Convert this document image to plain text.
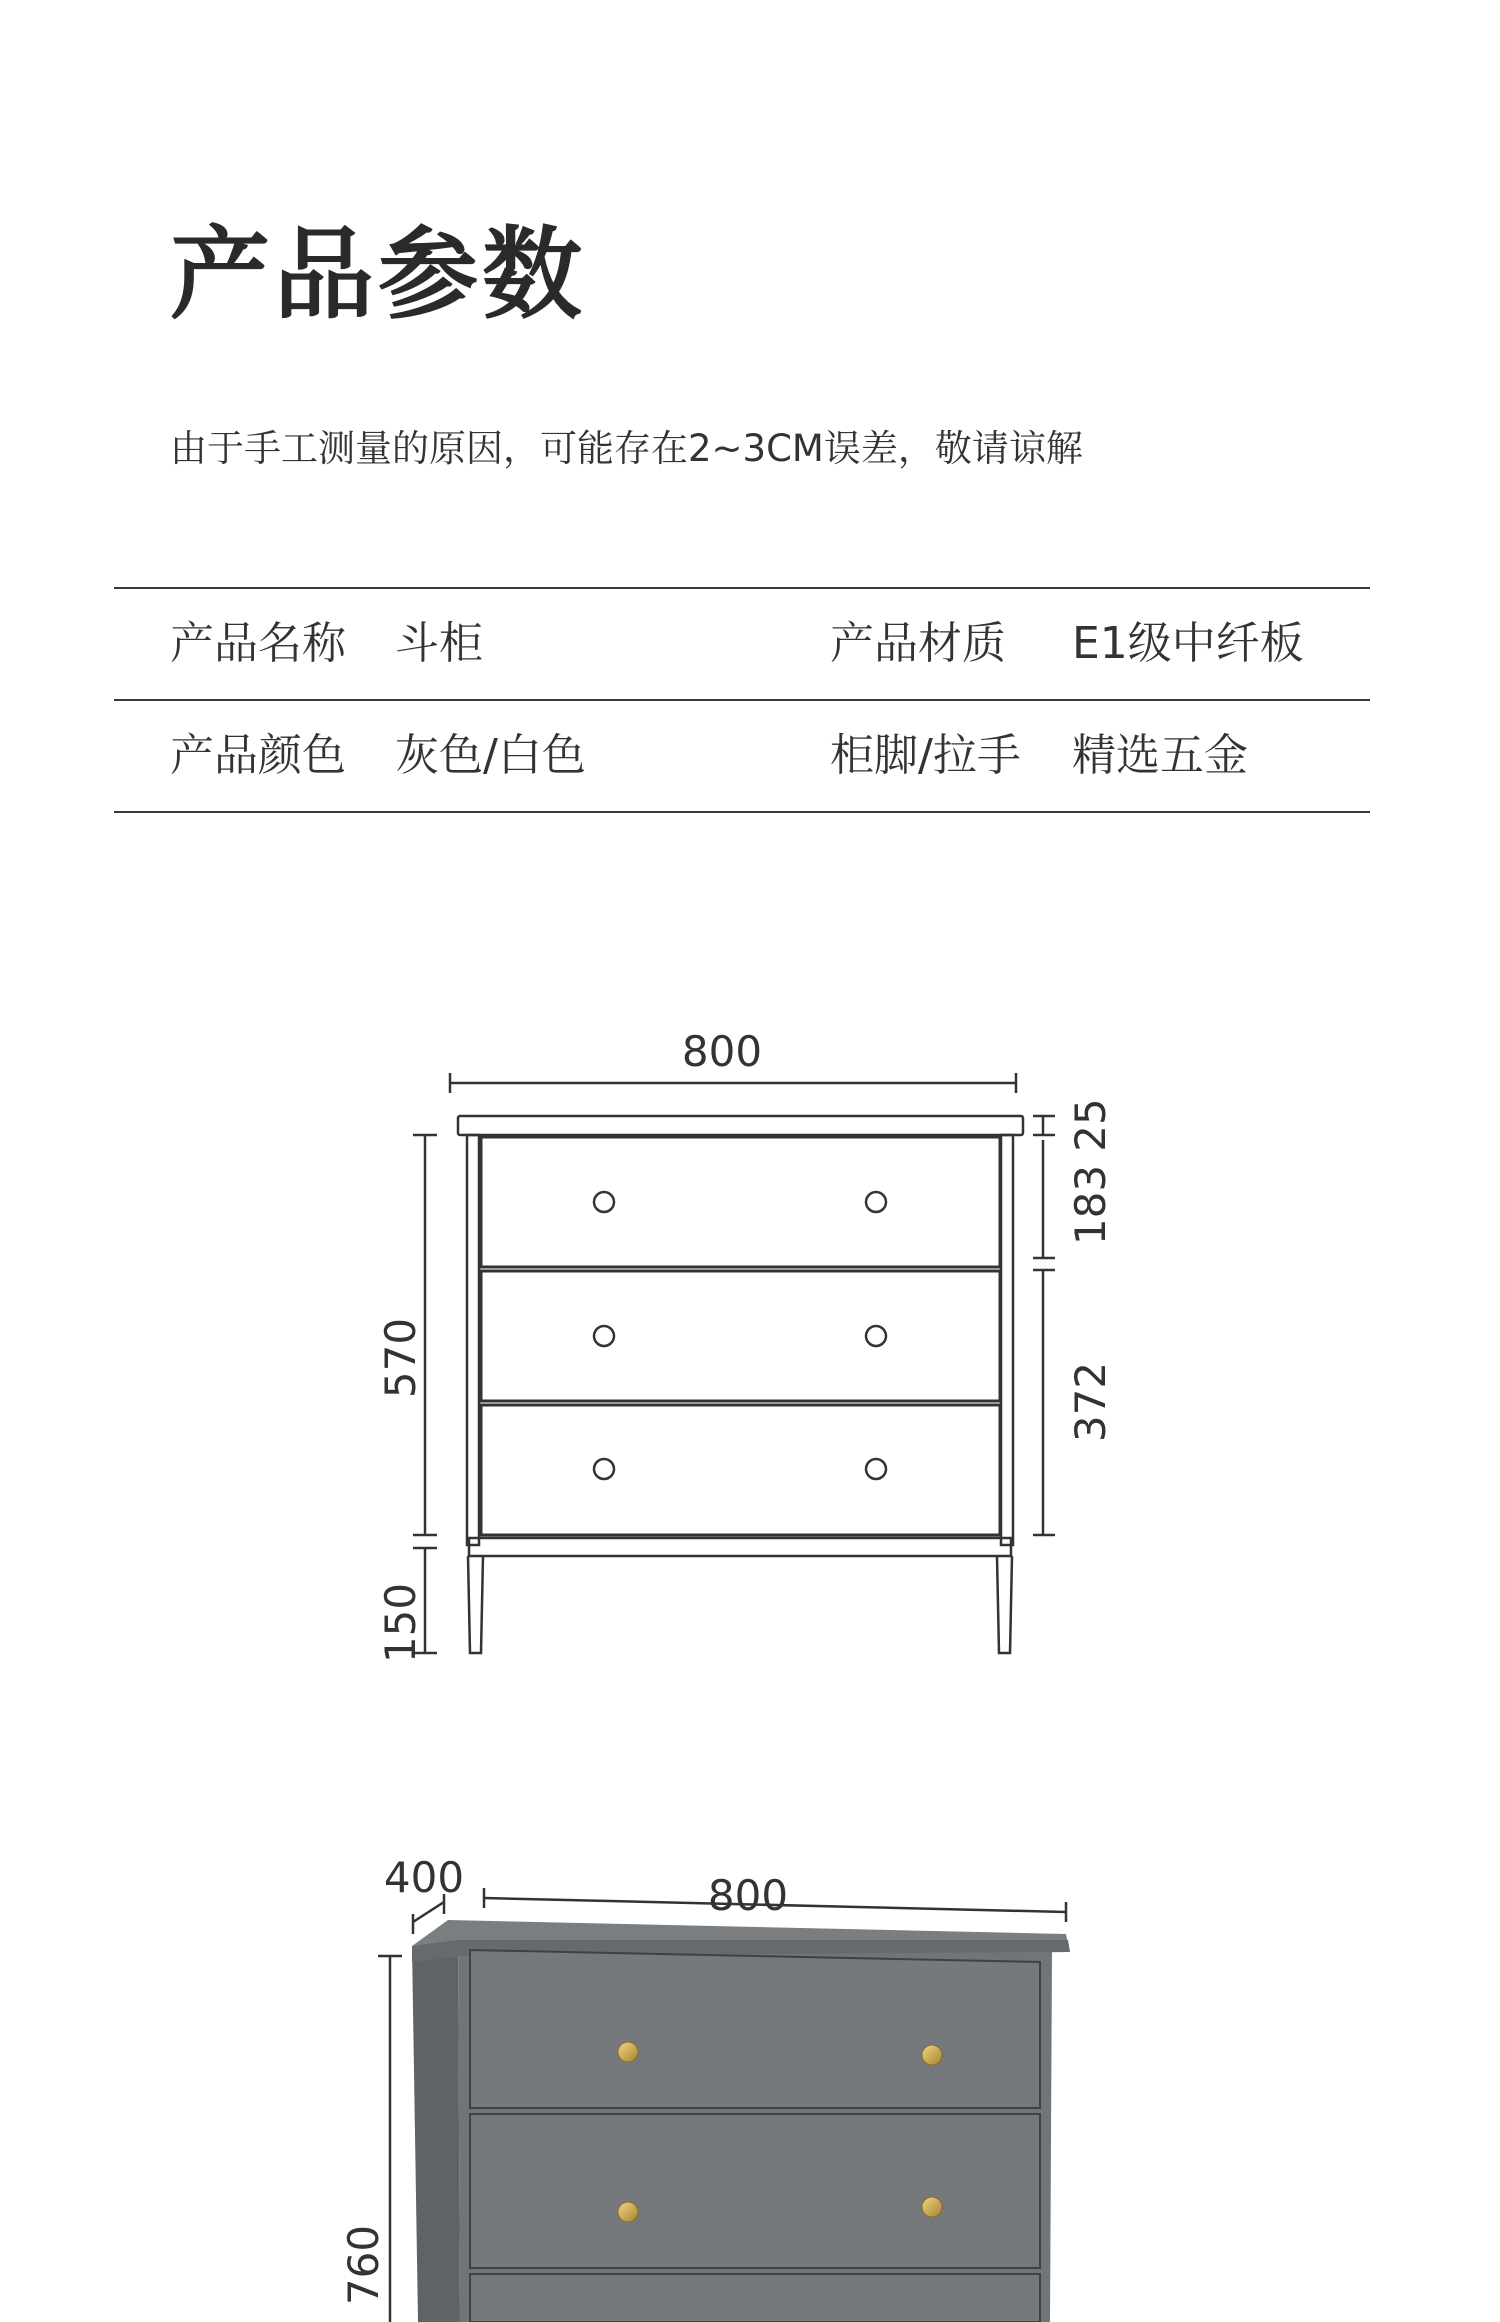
产品参数
由于手工测量的原因，可能存在2~3CM误差，敬请谅解
产品名称 斗柜	产品材质 E1级中纤板
产品颜色 灰色/白色	柜脚/拉手 精选五金
800
570
150
25
183
372
400	800
760
